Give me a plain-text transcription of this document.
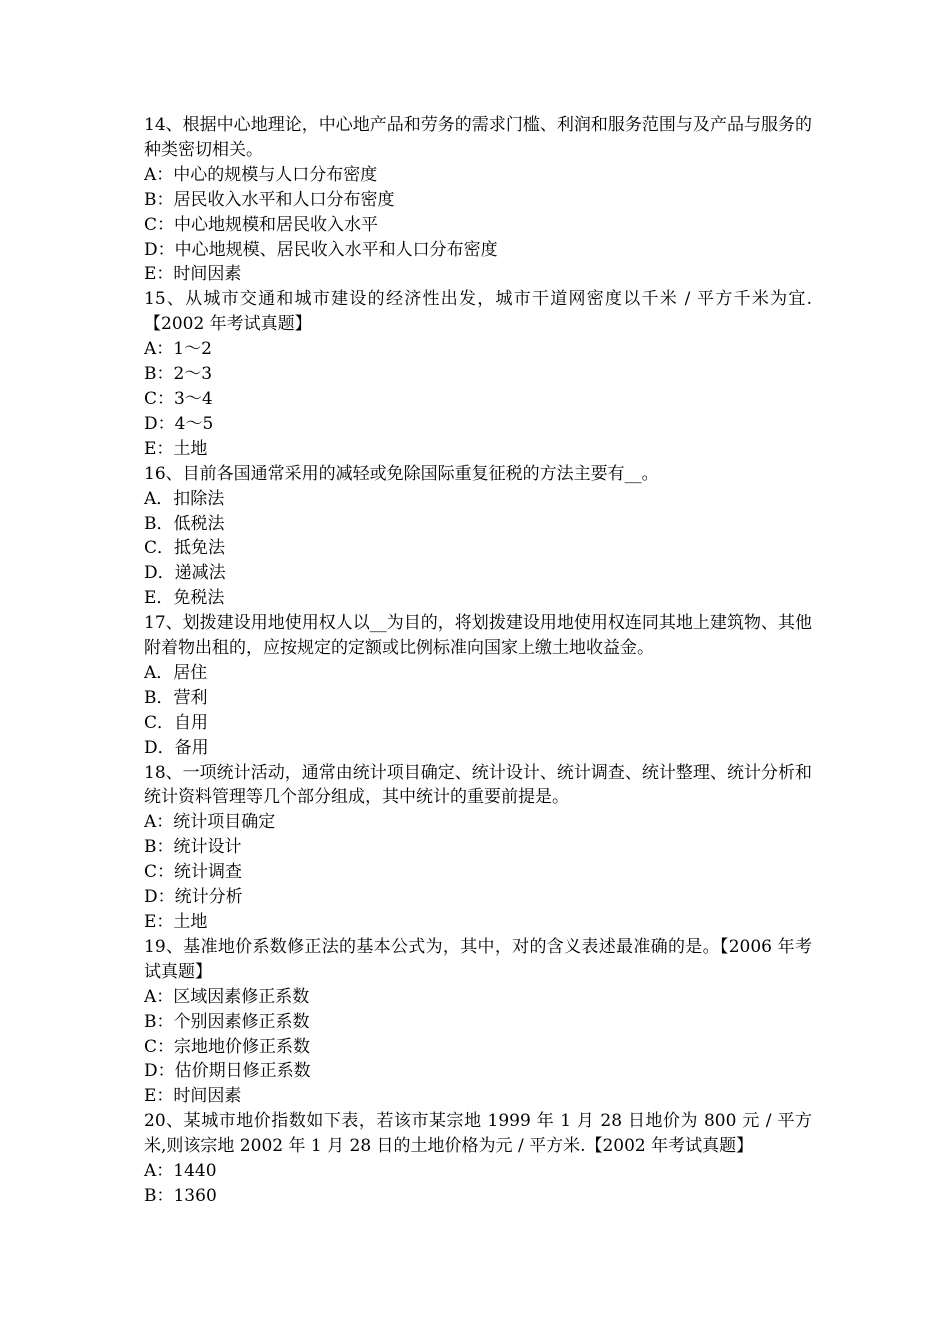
14、根据中心地理论，中心地产品和劳务的需求门槛、利润和服务范围与及产品与服务的种类密切相关。

A：中心的规模与人口分布密度

B：居民收入水平和人口分布密度

C：中心地规模和居民收入水平

D：中心地规模、居民收入水平和人口分布密度

E：时间因素

15、从城市交通和城市建设的经济性出发，城市干道网密度以千米 / 平方千米为宜.【2002 年考试真题】

A：1～2

B：2～3

C：3～4

D：4～5

E：土地

16、目前各国通常采用的减轻或免除国际重复征税的方法主要有__。

A．扣除法

B．低税法

C．抵免法

D．递减法

E．免税法

17、划拨建设用地使用权人以__为目的，将划拨建设用地使用权连同其地上建筑物、其他附着物出租的，应按规定的定额或比例标准向国家上缴土地收益金。

A．居住

B．营利

C．自用

D．备用

18、一项统计活动，通常由统计项目确定、统计设计、统计调查、统计整理、统计分析和统计资料管理等几个部分组成，其中统计的重要前提是。

A：统计项目确定

B：统计设计

C：统计调查

D：统计分析

E：土地

19、基准地价系数修正法的基本公式为，其中，对的含义表述最准确的是。【2006 年考试真题】

A：区域因素修正系数

B：个别因素修正系数

C：宗地地价修正系数

D：估价期日修正系数

E：时间因素

20、某城市地价指数如下表，若该市某宗地 1999 年 1 月 28 日地价为 800 元 / 平方米,则该宗地 2002 年 1 月 28 日的土地价格为元 / 平方米.【2002 年考试真题】

A：1440

B：1360
